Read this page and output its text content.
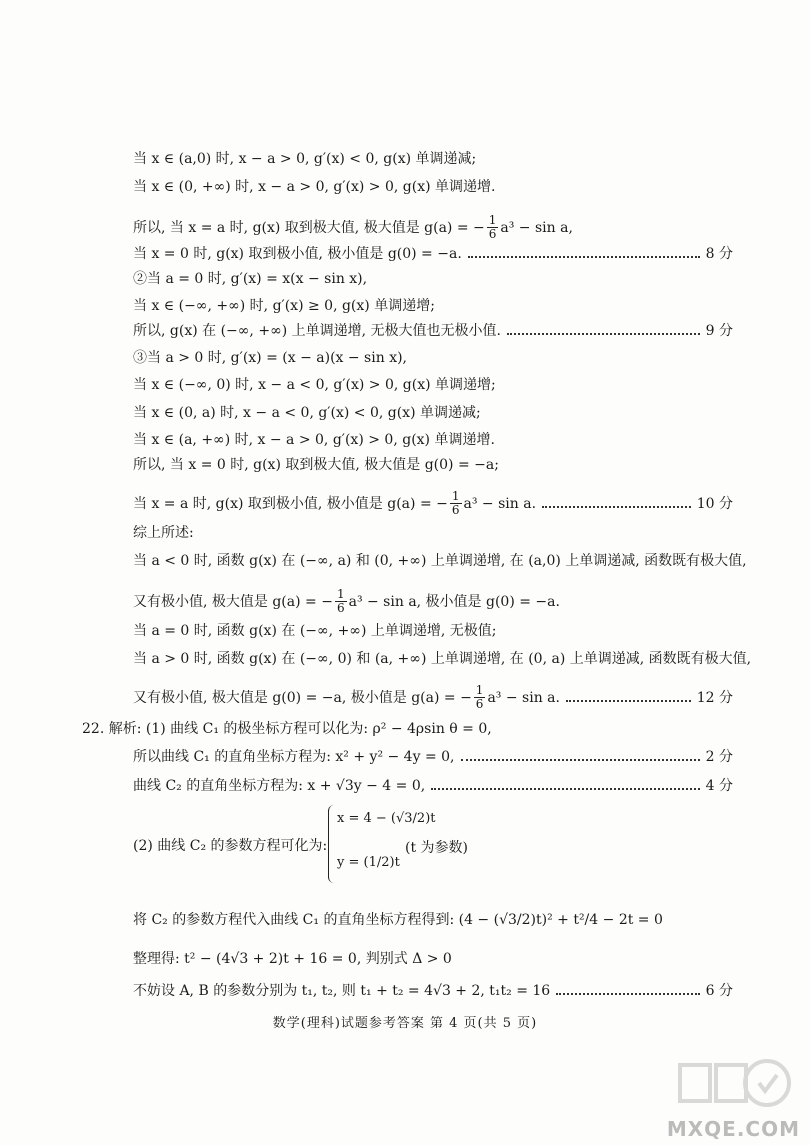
当 x ∈ (a,0) 时, x − a > 0, g′(x) < 0, g(x) 单调递减;
当 x ∈ (0, +∞) 时, x − a > 0, g′(x) > 0, g(x) 单调递增.
所以, 当 x = a 时, g(x) 取到极大值, 极大值是 g(a) = − $\frac{1}{6} a^3 - \sin a$,
当 x = 0 时, g(x) 取到极小值, 极小值是 g(0) = −a.	8 分
②当 a = 0 时, g′(x) = x(x − sin x),
当 x ∈ (−∞, +∞) 时, g′(x) ≥ 0, g(x) 单调递增;
所以, g(x) 在 (−∞, +∞) 上单调递增, 无极大值也无极小值.	9 分
③当 a > 0 时, g′(x) = (x − a)(x − sin x),
当 x ∈ (−∞, 0) 时, x − a < 0, g′(x) > 0, g(x) 单调递增;
当 x ∈ (0, a) 时, x − a < 0, g′(x) < 0, g(x) 单调递减;
当 x ∈ (a, +∞) 时, x − a > 0, g′(x) > 0, g(x) 单调递增.
所以, 当 x = 0 时, g(x) 取到极大值, 极大值是 g(0) = −a;
当 x = a 时, g(x) 取到极小值, 极小值是 g(a) = − $\frac{1}{6} a^3 - \sin a$.	10 分
综上所述:
当 a < 0 时, 函数 g(x) 在 (−∞, a) 和 (0, +∞) 上单调递增, 在 (a,0) 上单调递减, 函数既有极大值,
又有极小值, 极大值是 g(a) = − $\frac{1}{6} a^3 - \sin a$, 极小值是 g(0) = −a.
当 a = 0 时, 函数 g(x) 在 (−∞, +∞) 上单调递增, 无极值;
当 a > 0 时, 函数 g(x) 在 (−∞, 0) 和 (a, +∞) 上单调递增, 在 (0, a) 上单调递减, 函数既有极大值,
又有极小值, 极大值是 g(0) = −a, 极小值是 g(a) = − $\frac{1}{6} a^3 - \sin a$.	12 分
22. 解析: (1) 曲线 C₁ 的极坐标方程可以化为: ρ² − 4ρsin θ = 0,
所以曲线 C₁ 的直角坐标方程为: x² + y² − 4y = 0,	2 分
曲线 C₂ 的直角坐标方程为: x + √3y − 4 = 0,	4 分
(2) 曲线 C₂ 的参数方程可化为:
将 C₂ 的参数方程代入曲线 C₁ 的直角坐标方程得到: (4 − (√3/2)t)² + t²/4 − 2t = 0
整理得: t² − (4√3 + 2)t + 16 = 0, 判别式 Δ > 0
不妨设 A, B 的参数分别为 t₁, t₂, 则 t₁ + t₂ = 4√3 + 2, t₁t₂ = 16	6 分
x = 4 − (√3/2)t
y = (1/2)t
(t 为参数)
数学(理科)试题参考答案 第 4 页(共 5 页)
MXQE.COM
